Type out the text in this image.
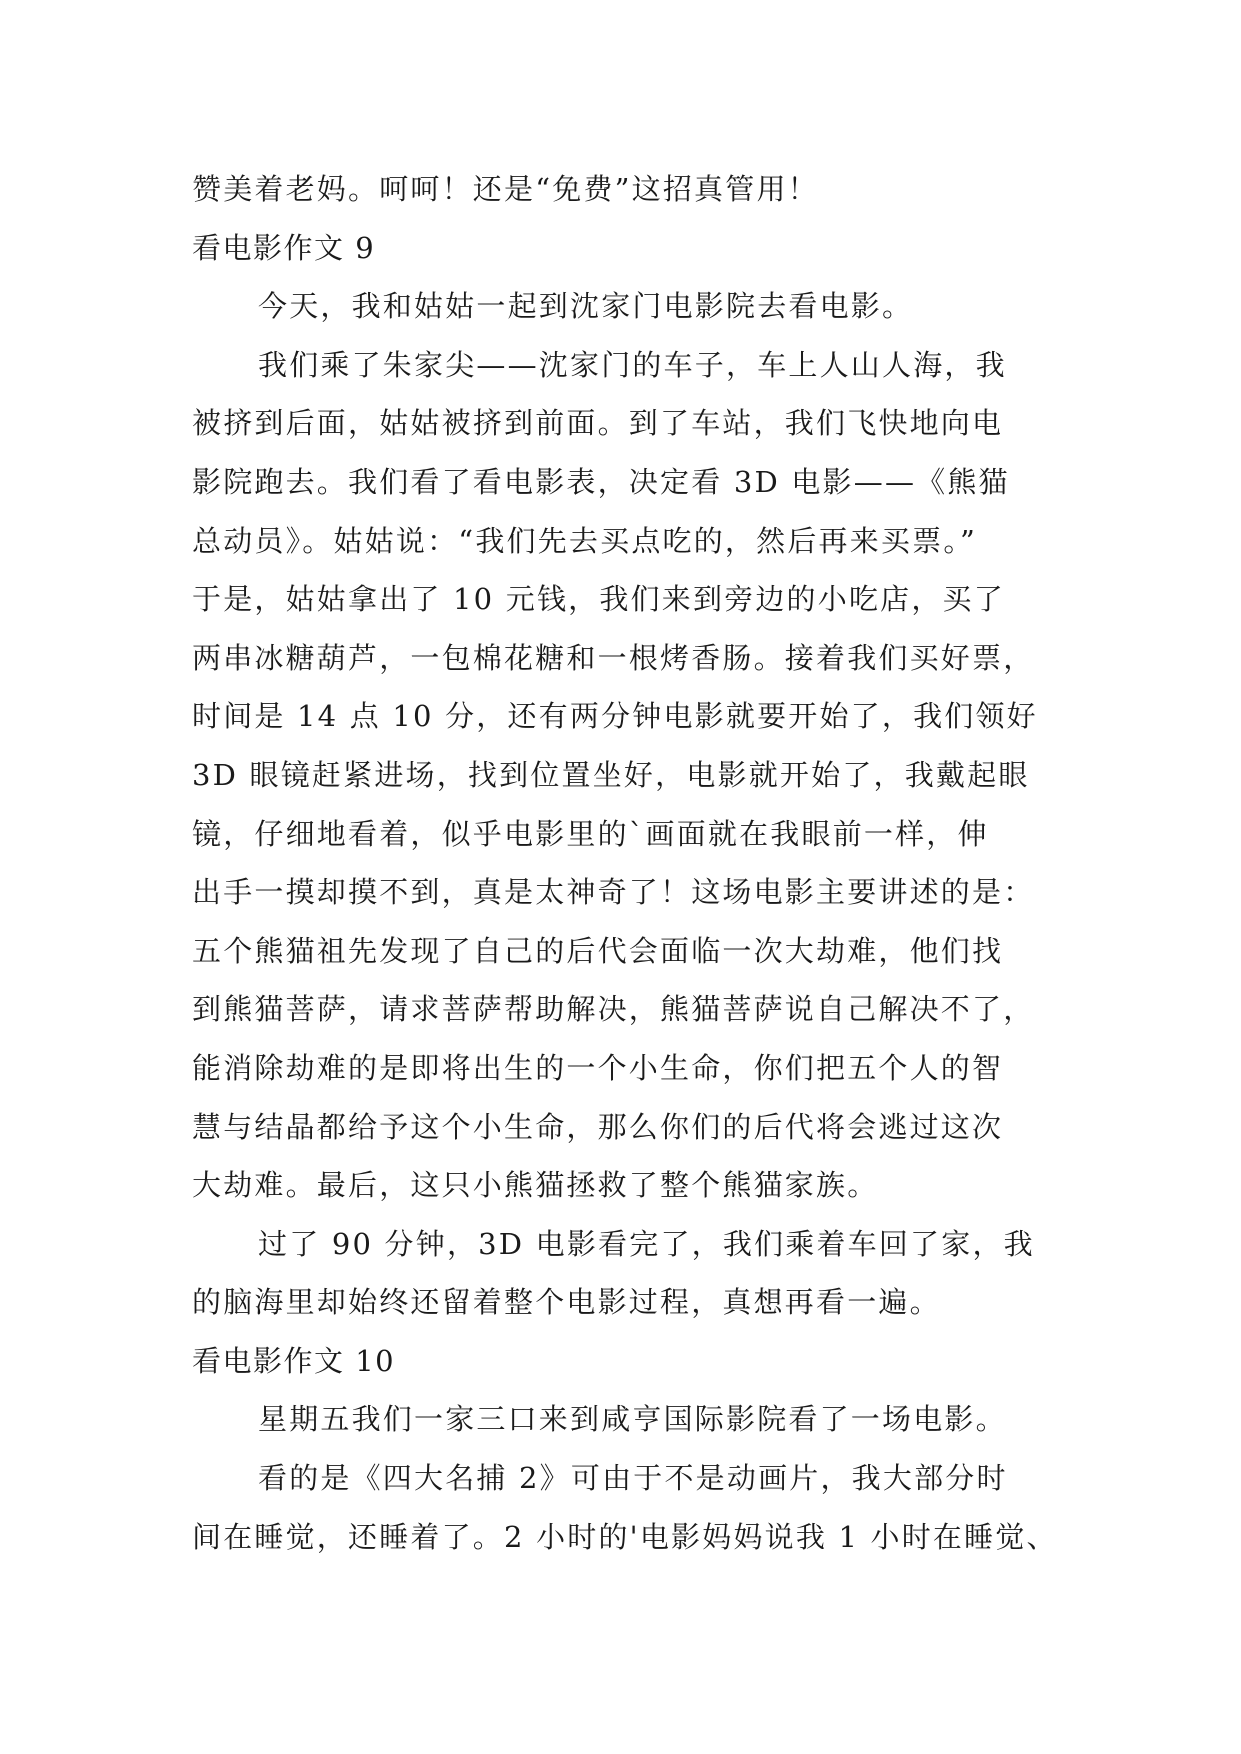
赞美着老妈。呵呵！还是“免费”这招真管用！
看电影作文 9
今天，我和姑姑一起到沈家门电影院去看电影。
我们乘了朱家尖——沈家门的车子，车上人山人海，我
被挤到后面，姑姑被挤到前面。到了车站，我们飞快地向电
影院跑去。我们看了看电影表，决定看 3D 电影——《熊猫
总动员》。姑姑说：“我们先去买点吃的，然后再来买票。”
于是，姑姑拿出了 10 元钱，我们来到旁边的小吃店，买了
两串冰糖葫芦，一包棉花糖和一根烤香肠。接着我们买好票，
时间是 14 点 10 分，还有两分钟电影就要开始了，我们领好
3D 眼镜赶紧进场，找到位置坐好，电影就开始了，我戴起眼
镜，仔细地看着，似乎电影里的`画面就在我眼前一样，伸
出手一摸却摸不到，真是太神奇了！这场电影主要讲述的是：
五个熊猫祖先发现了自己的后代会面临一次大劫难，他们找
到熊猫菩萨，请求菩萨帮助解决，熊猫菩萨说自己解决不了，
能消除劫难的是即将出生的一个小生命，你们把五个人的智
慧与结晶都给予这个小生命，那么你们的后代将会逃过这次
大劫难。最后，这只小熊猫拯救了整个熊猫家族。
过了 90 分钟，3D 电影看完了，我们乘着车回了家，我
的脑海里却始终还留着整个电影过程，真想再看一遍。
看电影作文 10
星期五我们一家三口来到咸亨国际影院看了一场电影。
看的是《四大名捕 2》可由于不是动画片，我大部分时
间在睡觉，还睡着了。2 小时的'电影妈妈说我 1 小时在睡觉、
